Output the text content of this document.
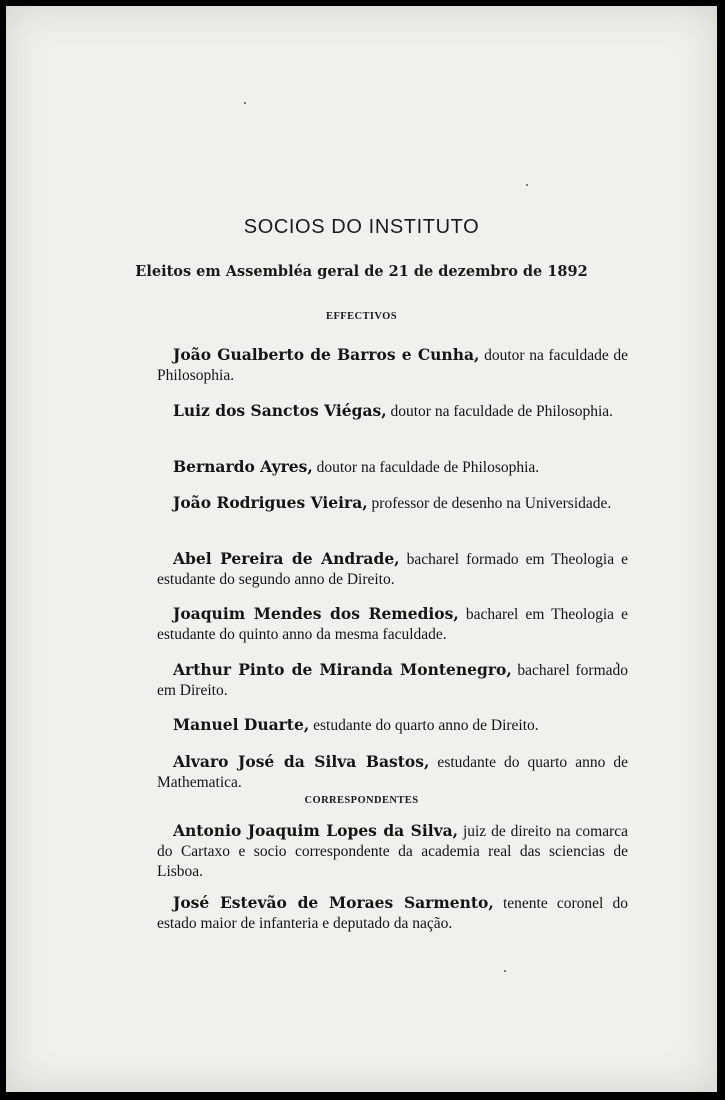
SOCIOS DO INSTITUTO
Eleitos em Assembléa geral de 21 de dezembro de 1892
EFFECTIVOS
João Gualberto de Barros e Cunha, doutor na faculdade de Philosophia.
Luiz dos Sanctos Viégas, doutor na faculdade de Philosophia.
Bernardo Ayres, doutor na faculdade de Philosophia.
João Rodrigues Vieira, professor de desenho na Universidade.
Abel Pereira de Andrade, bacharel formado em Theologia e estudante do segundo anno de Direito.
Joaquim Mendes dos Remedios, bacharel em Theologia e estudante do quinto anno da mesma faculdade.
Arthur Pinto de Miranda Montenegro, bacharel formado em Direito.
Manuel Duarte, estudante do quarto anno de Direito.
Alvaro José da Silva Bastos, estudante do quarto anno de Mathematica.
CORRESPONDENTES
Antonio Joaquim Lopes da Silva, juiz de direito na comarca do Cartaxo e socio correspondente da academia real das sciencias de Lisboa.
José Estevão de Moraes Sarmento, tenente coronel do estado maior de infanteria e deputado da nação.
